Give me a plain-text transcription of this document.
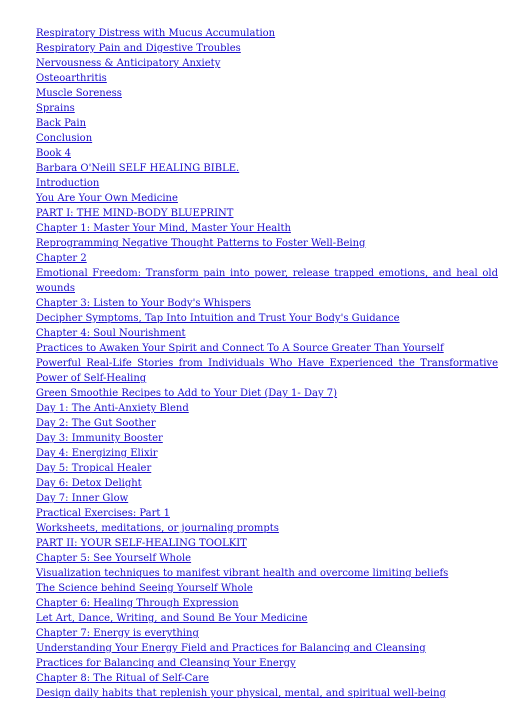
Respiratory Distress with Mucus Accumulation
Respiratory Pain and Digestive Troubles
Nervousness & Anticipatory Anxiety
Osteoarthritis
Muscle Soreness
Sprains
Back Pain
Conclusion
Book 4
Barbara O'Neill SELF HEALING BIBLE.
Introduction
You Are Your Own Medicine
PART I: THE MIND-BODY BLUEPRINT
Chapter 1: Master Your Mind, Master Your Health
Reprogramming Negative Thought Patterns to Foster Well-Being
Chapter 2
Emotional Freedom: Transform pain into power, release trapped emotions, and heal old wounds
Chapter 3: Listen to Your Body's Whispers
Decipher Symptoms, Tap Into Intuition and Trust Your Body's Guidance
Chapter 4: Soul Nourishment
Practices to Awaken Your Spirit and Connect To A Source Greater Than Yourself
Powerful Real-Life Stories from Individuals Who Have Experienced the Transformative Power of Self-Healing
Green Smoothie Recipes to Add to Your Diet (Day 1- Day 7)
Day 1: The Anti-Anxiety Blend
Day 2: The Gut Soother
Day 3: Immunity Booster
Day 4: Energizing Elixir
Day 5: Tropical Healer
Day 6: Detox Delight
Day 7: Inner Glow
Practical Exercises: Part 1
Worksheets, meditations, or journaling prompts
PART II: YOUR SELF-HEALING TOOLKIT
Chapter 5: See Yourself Whole
Visualization techniques to manifest vibrant health and overcome limiting beliefs
The Science behind Seeing Yourself Whole
Chapter 6: Healing Through Expression
Let Art, Dance, Writing, and Sound Be Your Medicine
Chapter 7: Energy is everything
Understanding Your Energy Field and Practices for Balancing and Cleansing
Practices for Balancing and Cleansing Your Energy
Chapter 8: The Ritual of Self-Care
Design daily habits that replenish your physical, mental, and spiritual well-being
